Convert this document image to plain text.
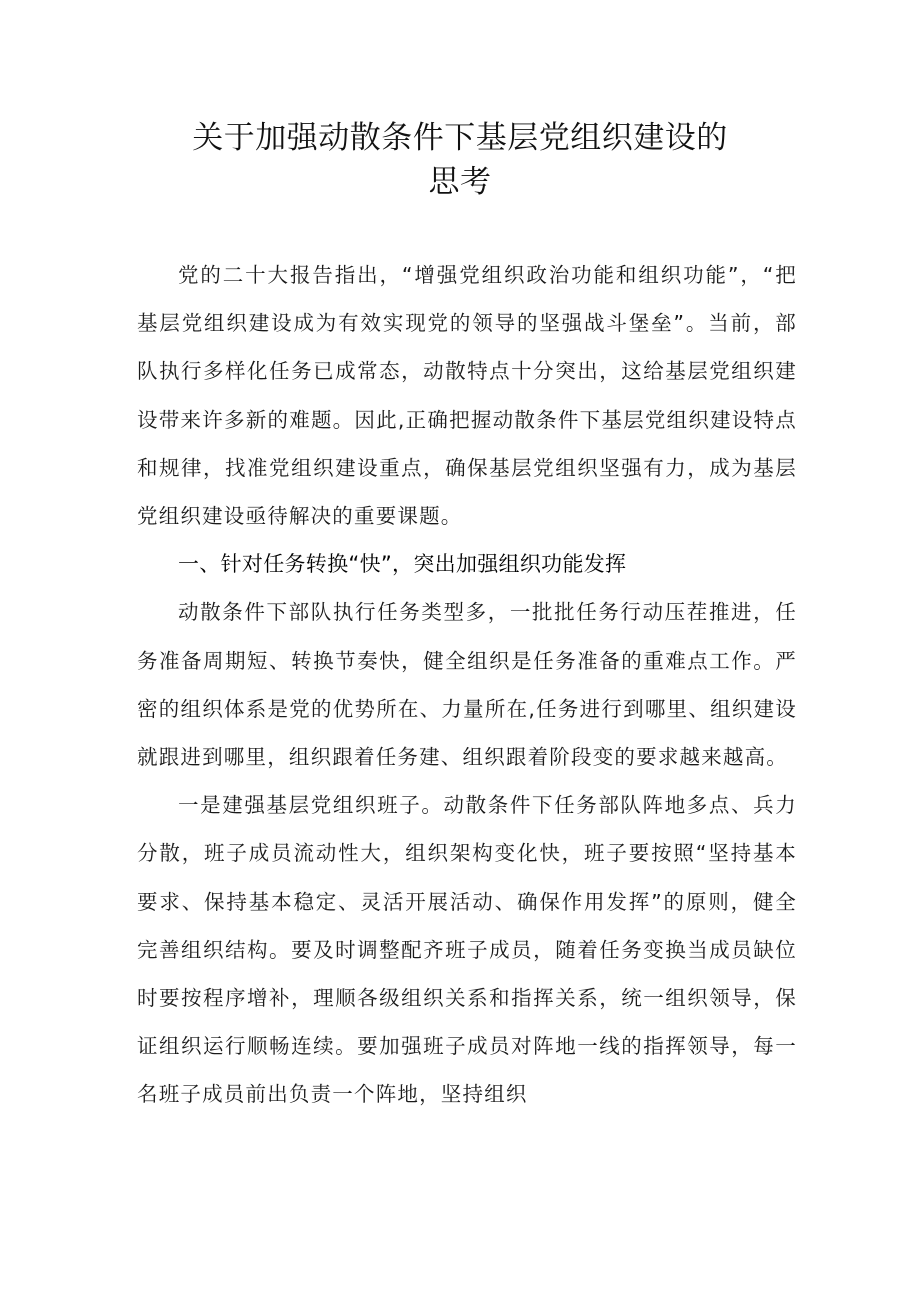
关于加强动散条件下基层党组织建设的
思考

党的二十大报告指出，“增强党组织政治功能和组织功能”，“把基层党组织建设成为有效实现党的领导的坚强战斗堡垒”。当前，部队执行多样化任务已成常态，动散特点十分突出，这给基层党组织建设带来许多新的难题。因此,正确把握动散条件下基层党组织建设特点和规律，找准党组织建设重点，确保基层党组织坚强有力，成为基层党组织建设亟待解决的重要课题。

一、针对任务转换“快”，突出加强组织功能发挥

动散条件下部队执行任务类型多，一批批任务行动压茬推进，任务准备周期短、转换节奏快，健全组织是任务准备的重难点工作。严密的组织体系是党的优势所在、力量所在,任务进行到哪里、组织建设就跟进到哪里，组织跟着任务建、组织跟着阶段变的要求越来越高。

一是建强基层党组织班子。动散条件下任务部队阵地多点、兵力分散，班子成员流动性大，组织架构变化快，班子要按照“坚持基本要求、保持基本稳定、灵活开展活动、确保作用发挥”的原则，健全完善组织结构。要及时调整配齐班子成员，随着任务变换当成员缺位时要按程序增补，理顺各级组织关系和指挥关系，统一组织领导，保证组织运行顺畅连续。要加强班子成员对阵地一线的指挥领导，每一名班子成员前出负责一个阵地，坚持组织
